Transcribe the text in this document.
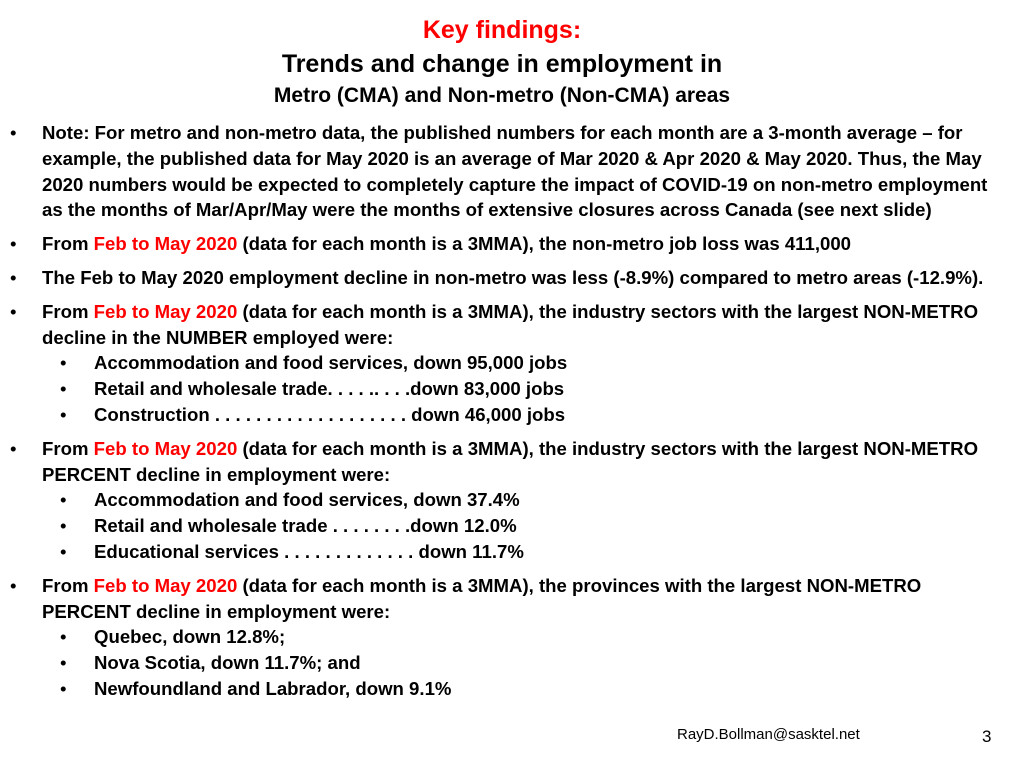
Key findings:
Trends and change in employment in
Metro (CMA) and Non-metro (Non-CMA) areas
• Note: For metro and non-metro data, the published numbers for each month are a 3-month average – for example, the published data for May 2020 is an average of Mar 2020 & Apr 2020 & May 2020. Thus, the May 2020 numbers would be expected to completely capture the impact of COVID-19 on non-metro employment as the months of Mar/Apr/May were the months of extensive closures across Canada (see next slide)
• From Feb to May 2020 (data for each month is a 3MMA), the non-metro job loss was 411,000
• The Feb to May 2020 employment decline in non-metro was less (-8.9%) compared to metro areas (-12.9%).
• From Feb to May 2020 (data for each month is a 3MMA), the industry sectors with the largest NON-METRO decline in the NUMBER employed were:
• Accommodation and food services, down 95,000 jobs
• Retail and wholesale trade. . . . .. . . .down 83,000 jobs
• Construction . . . . . . . . . . . . . . . . . . . down 46,000 jobs
• From Feb to May 2020 (data for each month is a 3MMA), the industry sectors with the largest NON-METRO PERCENT decline in employment were:
• Accommodation and food services, down 37.4%
• Retail and wholesale trade . . . . . . . .down 12.0%
• Educational services . . . . . . . . . . . . . down 11.7%
• From Feb to May 2020 (data for each month is a 3MMA), the provinces with the largest NON-METRO PERCENT decline in employment were:
• Quebec, down 12.8%;
• Nova Scotia, down 11.7%; and
• Newfoundland and Labrador, down 9.1%
RayD.Bollman@sasktel.net	3
